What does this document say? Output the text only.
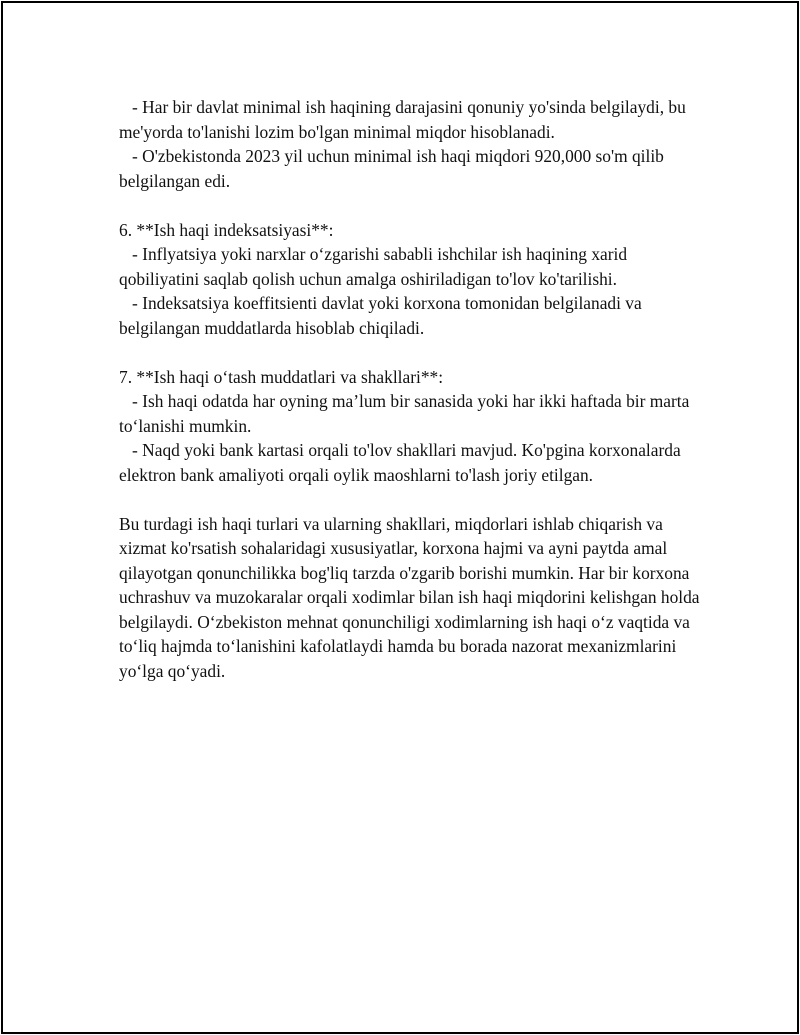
- Har bir davlat minimal ish haqining darajasini qonuniy yo'sinda belgilaydi, bu me'yorda to'lanishi lozim bo'lgan minimal miqdor hisoblanadi.

- O'zbekistonda 2023 yil uchun minimal ish haqi miqdori 920,000 so'm qilib belgilangan edi.

6. **Ish haqi indeksatsiyasi**:

- Inflyatsiya yoki narxlar o‘zgarishi sababli ishchilar ish haqining xarid qobiliyatini saqlab qolish uchun amalga oshiriladigan to'lov ko'tarilishi.

- Indeksatsiya koeffitsienti davlat yoki korxona tomonidan belgilanadi va belgilangan muddatlarda hisoblab chiqiladi.

7. **Ish haqi o‘tash muddatlari va shakllari**:

- Ish haqi odatda har oyning ma’lum bir sanasida yoki har ikki haftada bir marta to‘lanishi mumkin.

- Naqd yoki bank kartasi orqali to'lov shakllari mavjud. Ko'pgina korxonalarda elektron bank amaliyoti orqali oylik maoshlarni to'lash joriy etilgan.

Bu turdagi ish haqi turlari va ularning shakllari, miqdorlari ishlab chiqarish va xizmat ko'rsatish sohalaridagi xususiyatlar, korxona hajmi va ayni paytda amal qilayotgan qonunchilikka bog'liq tarzda o'zgarib borishi mumkin. Har bir korxona uchrashuv va muzokaralar orqali xodimlar bilan ish haqi miqdorini kelishgan holda belgilaydi. O‘zbekiston mehnat qonunchiligi xodimlarning ish haqi o‘z vaqtida va to‘liq hajmda to‘lanishini kafolatlaydi hamda bu borada nazorat mexanizmlarini yo‘lga qo‘yadi.
